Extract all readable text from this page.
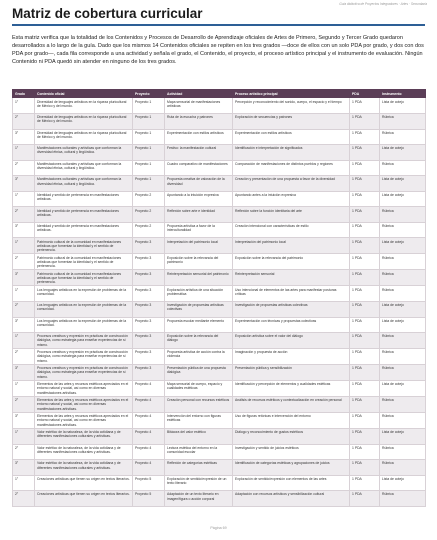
Guía didáctica de Proyectos Integradores · Artes · Secundaria
Matriz de cobertura curricular

Esta matriz verifica que la totalidad de los Contenidos y Procesos de Desarrollo de Aprendizaje oficiales de Artes de Primero, Segundo y Tercer Grado quedaron desarrollados a lo largo de la guía. Dado que los mismos 14 Contenidos oficiales se repiten en los tres grados —doce de ellos con un solo PDA por grado, y dos con dos PDA por grado—, cada fila corresponde a una actividad y señala el grado, el Contenido, el proyecto, el proceso artístico principal y el instrumento de evaluación. Ningún Contenido ni PDA quedó sin atender en ninguno de los tres grados.

Grado	Contenido oficial	Proyecto	Actividad	Proceso artístico principal	PDA	Instrumento
1°	Diversidad de lenguajes artísticos en la riqueza pluricultural de México y del mundo.	Proyecto 1	Mapa sensorial de manifestaciones artísticas	Percepción y reconocimiento del sonido, cuerpo, el espacio y el tiempo	1 PDA	Lista de cotejo
2°	Diversidad de lenguajes artísticos en la riqueza pluricultural de México y del mundo.	Proyecto 1	Ruta de la escucha y patrones	Exploración de secuencias y patrones	1 PDA	Rúbrica
3°	Diversidad de lenguajes artísticos en la riqueza pluricultural de México y del mundo.	Proyecto 1	Experimentación con estilos artísticos	Experimentación con estilos artísticos	1 PDA	Rúbrica
1°	Manifestaciones culturales y artísticas que conforman la diversidad étnica, cultural y lingüística.	Proyecto 1	Festivo: la manifestación cultural	Identificación e interpretación de significados	1 PDA	Lista de cotejo
2°	Manifestaciones culturales y artísticas que conforman la diversidad étnica, cultural y lingüística.	Proyecto 1	Cuadro comparativo de manifestaciones	Comparación de manifestaciones de distintos pueblos y regiones	1 PDA	Rúbrica
3°	Manifestaciones culturales y artísticas que conforman la diversidad étnica, cultural y lingüística.	Proyecto 1	Propuesta creativa de valoración de la diversidad	Creación y presentación de una propuesta a favor de la diversidad	1 PDA	Lista de cotejo
1°	Identidad y sentido de pertenencia en manifestaciones artísticas.	Proyecto 2	Apuntando a la intuición expresiva	Apuntando antes a la intuición expresiva	1 PDA	Lista de cotejo
2°	Identidad y sentido de pertenencia en manifestaciones artísticas.	Proyecto 2	Reflexión sobre arte e identidad	Reflexión sobre la función identitaria del arte	1 PDA	Rúbrica
3°	Identidad y sentido de pertenencia en manifestaciones artísticas.	Proyecto 2	Propuesta artística a favor de la interculturalidad	Creación intencional con características de estilo	1 PDA	Rúbrica
1°	Patrimonio cultural de la comunidad en manifestaciones artísticas que fomentan la identidad y el sentido de pertenencia.	Proyecto 3	Interpretación del patrimonio local	Interpretación del patrimonio local	1 PDA	Lista de cotejo
2°	Patrimonio cultural de la comunidad en manifestaciones artísticas que fomentan la identidad y el sentido de pertenencia.	Proyecto 3	Exposición sobre la relevancia del patrimonio	Exposición sobre la relevancia del patrimonio	1 PDA	Rúbrica
3°	Patrimonio cultural de la comunidad en manifestaciones artísticas que fomentan la identidad y el sentido de pertenencia.	Proyecto 3	Reinterpretación sensorial del patrimonio	Reinterpretación sensorial	1 PDA	Rúbrica
1°	Los lenguajes artísticos en la expresión de problemas de la comunidad.	Proyecto 3	Exploración artística de una situación problemática	Uso intencional de elementos de las artes para manifestar posturas críticas	1 PDA	Rúbrica
2°	Los lenguajes artísticos en la expresión de problemas de la comunidad.	Proyecto 3	Investigación de propuestas artísticas colectivas	Investigación de propuestas artísticas colectivas	1 PDA	Lista de cotejo
3°	Los lenguajes artísticos en la expresión de problemas de la comunidad.	Proyecto 3	Propuesta escolar mediante elemento	Experimentación con técnicas y propuestas colectivas	1 PDA	Lista de cotejo
1°	Procesos creativos y expresión en prácticas de construcción dialógica, como estrategia para enseñar experiencias de sí mismo.	Proyecto 3	Exposición sobre la relevancia del diálogo	Exposición artística sobre el valor del diálogo	1 PDA	Rúbrica
2°	Procesos creativos y expresión en prácticas de construcción dialógica, como estrategia para enseñar experiencias de sí mismo.	Proyecto 3	Propuesta artística de acción contra la violencia	Imaginación y propuesta de acción	1 PDA	Rúbrica
3°	Procesos creativos y expresión en prácticas de construcción dialógica, como estrategia para enseñar experiencias de sí mismo.	Proyecto 3	Presentación pública de una propuesta dialógica	Presentación pública y sensibilización	1 PDA	Rúbrica
1°	Elementos de las artes y recursos estéticos apreciados en el entorno natural y social, así como en diversas manifestaciones artísticas.	Proyecto 4	Mapa sensorial de cuerpo, espacio y cualidades estéticas	Identificación y percepción de elementos y cualidades estéticas	1 PDA	Lista de cotejo
2°	Elementos de las artes y recursos estéticos apreciados en el entorno natural y social, así como en diversas manifestaciones artísticas.	Proyecto 4	Creación personal con recursos estéticos	Análisis de recursos estéticos y contextualización en creación personal	1 PDA	Rúbrica
3°	Elementos de las artes y recursos estéticos apreciados en el entorno natural y social, así como en diversas manifestaciones artísticas.	Proyecto 4	Intervención del entorno con figuras estéticas	Uso de figuras retóricas e intervención del entorno	1 PDA	Rúbrica
1°	Valor estético de la naturaleza, de la vida cotidiana y de diferentes manifestaciones culturales y artísticas.	Proyecto 4	Bitácora del valor estético	Diálogo y reconocimiento de gustos estéticos	1 PDA	Lista de cotejo
2°	Valor estético de la naturaleza, de la vida cotidiana y de diferentes manifestaciones culturales y artísticas.	Proyecto 4	Lectura estética del entorno en la comunidad escolar	Investigación y sentido de juicios estéticos	1 PDA	Rúbrica
3°	Valor estético de la naturaleza, de la vida cotidiana y de diferentes manifestaciones culturales y artísticas.	Proyecto 4	Reflexión de categorías estéticas	Identificación de categorías estéticas y agrupaciones de juicios	1 PDA	Rúbrica
1°	Creaciones artísticas que tienen su origen en textos literarios.	Proyecto 5	Exploración de sentido/expresión de un texto literario	Exploración de sentido/expresión con elementos de las artes	1 PDA	Lista de cotejo
2°	Creaciones artísticas que tienen su origen en textos literarios.	Proyecto 5	Adaptación de un texto literario en imagen/figura o acción corporal	Adaptación con recursos artísticos y sensibilización cultural	1 PDA	Rúbrica
Página 69
